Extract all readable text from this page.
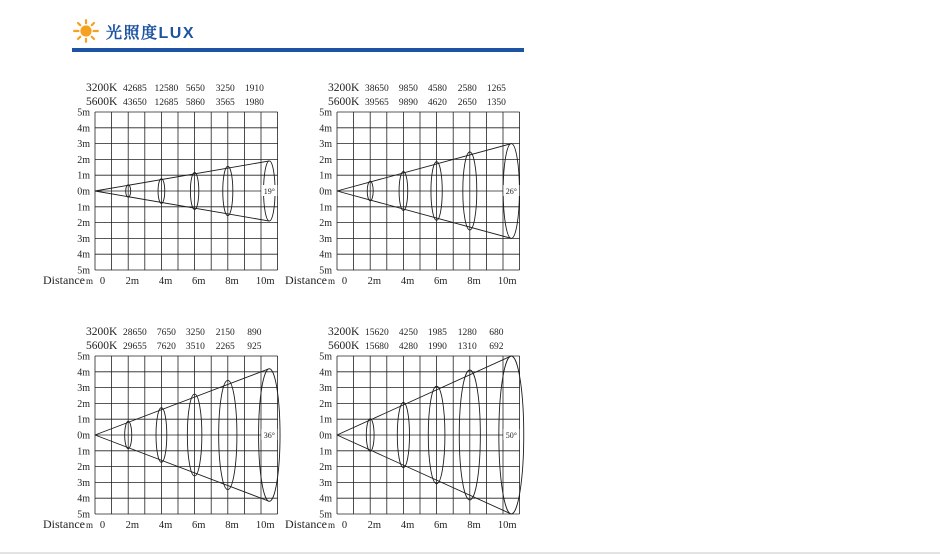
光照度LUX
3200K 42685 12580 5650 3250 1910
5600K 43650 12685 5860 3565 1980
5m
4m
3m
2m
1m
0m
1m
2m
3m
4m
5m
Distance m 0 2m 4m 6m 8m 10m
19°
3200K 38650 9850 4580 2580 1265
5600K 39565 9890 4620 2650 1350
5m
4m
3m
2m
1m
0m
1m
2m
3m
4m
5m
Distance m 0 2m 4m 6m 8m 10m
26°
3200K 28650 7650 3250 2150 890
5600K 29655 7620 3510 2265 925
5m
4m
3m
2m
1m
0m
1m
2m
3m
4m
5m
Distance m 0 2m 4m 6m 8m 10m
36°
3200K 15620 4250 1985 1280 680
5600K 15680 4280 1990 1310 692
5m
4m
3m
2m
1m
0m
1m
2m
3m
4m
5m
Distance m 0 2m 4m 6m 8m 10m
50°
